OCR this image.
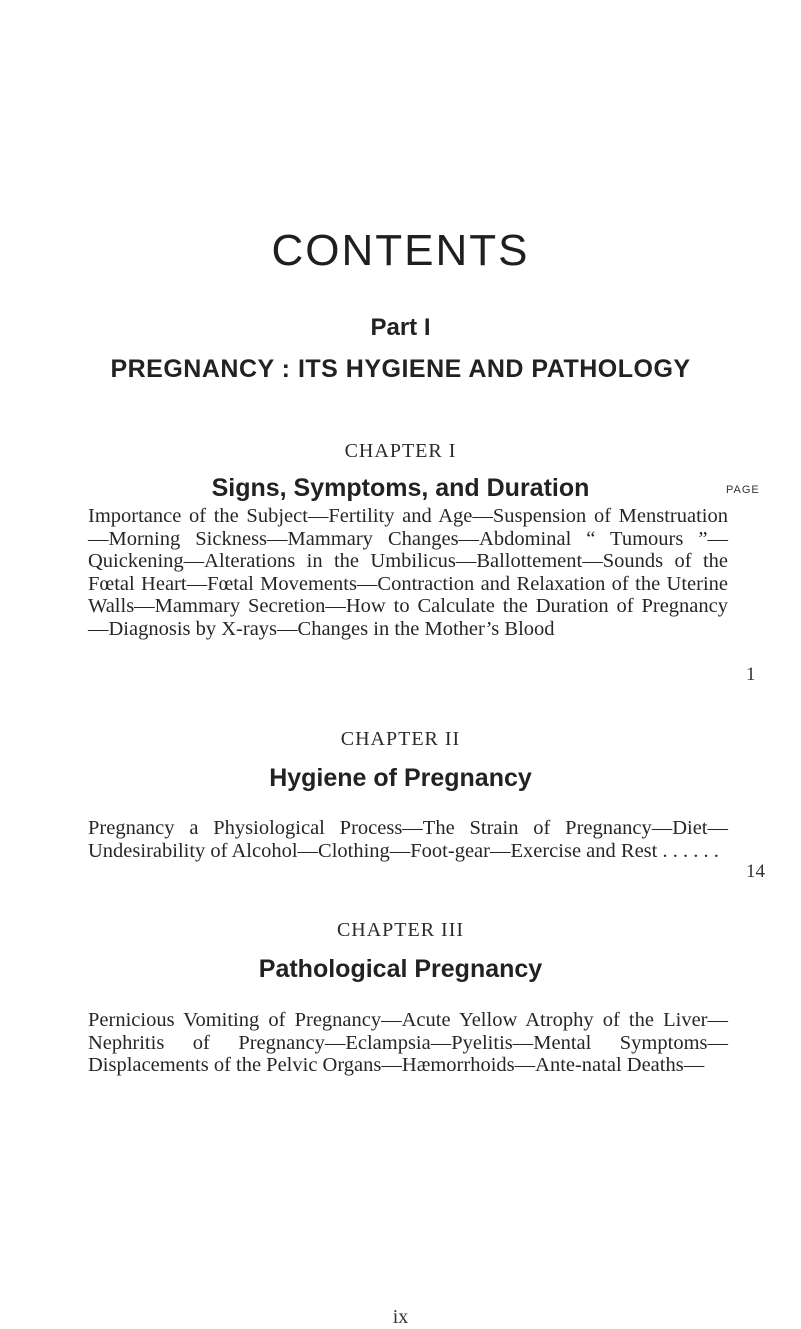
CONTENTS
Part I
PREGNANCY : ITS HYGIENE AND PATHOLOGY
CHAPTER I
Signs, Symptoms, and Duration	PAGE

Importance of the Subject—Fertility and Age—Suspension of Menstruation—Morning Sickness—Mammary Changes—Abdominal “ Tumours ”—Quickening—Alterations in the Umbilicus—Ballottement—Sounds of the Fœtal Heart—Fœtal Movements—Contraction and Relaxation of the Uterine Walls—Mammary Secretion—How to Calculate the Duration of Pregnancy—Diagnosis by X-rays—Changes in the Mother’s Blood

1
CHAPTER II
Hygiene of Pregnancy

Pregnancy a Physiological Process—The Strain of Pregnancy—Diet—Undesirability of Alcohol—Clothing—Foot-gear—Exercise and Rest . . . . . .

14
CHAPTER III
Pathological Pregnancy

Pernicious Vomiting of Pregnancy—Acute Yellow Atrophy of the Liver—Nephritis of Pregnancy—Eclampsia—Pyelitis—Mental Symptoms—Displacements of the Pelvic Organs—Hæmorrhoids—Ante-natal Deaths—

ix
